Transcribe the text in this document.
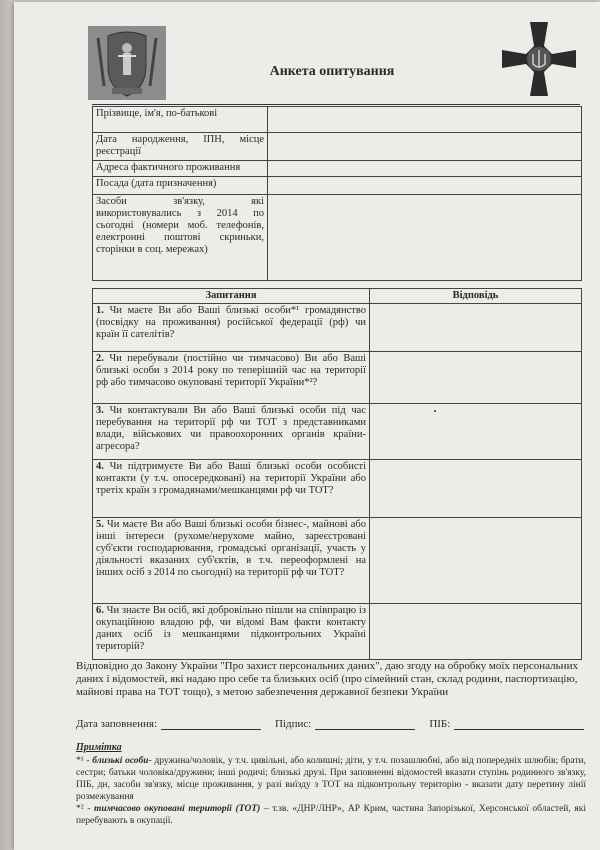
Анкета опитування
Прізвище, ім'я, по-батькові	
Дата народження, ІПН, місце реєстрації	
Адреса фактичного проживання	
Посада (дата призначення)	
Засоби зв'язку, які використовувались з 2014 по сьогодні (номери моб. телефонів, електронні поштові скриньки, сторінки в соц. мережах)	
Запитання	Відповідь
1. Чи маєте Ви або Ваші близькі особи*¹ громадянство (посвідку на проживання) російської федерації (рф) чи країн її сателітів?	
2. Чи перебували (постійно чи тимчасово) Ви або Ваші близькі особи з 2014 року по теперішній час на території рф або тимчасово окуповані території України*²?	
3. Чи контактували Ви або Ваші близькі особи під час перебування на території рф чи ТОТ з представниками влади, військових чи правоохоронних органів країни-агресора?	
4. Чи підтримуєте Ви або Ваші близькі особи особисті контакти (у т.ч. опосередковані) на території України або третіх країн з громадянами/мешканцями рф чи ТОТ?	
5. Чи маєте Ви або Ваші близькі особи бізнес-, майнові або інші інтереси (рухоме/нерухоме майно, зареєстровані суб'єкти господарювання, громадські організації, участь у діяльності вказаних суб'єктів, в т.ч. переоформлені на інших осіб з 2014 по сьогодні) на території рф чи ТОТ?	
6. Чи знаєте Ви осіб, які добровільно пішли на співпрацю із окупаційною владою рф, чи відомі Вам факти контакту даних осіб із мешканцями підконтрольних Україні територій?	
Відповідно до Закону України "Про захист персональних даних", даю згоду на обробку моїх персональних даних і відомостей, які надаю про себе та близьких осіб (про сімейний стан, склад родини, паспортизацію, майнові права на ТОТ тощо), з метою забезпечення державної безпеки України
Дата заповнення:	Підпис:	ПІБ:
Примітка
*¹ - близькі особи- дружина/чоловік, у т.ч. цивільні, або колишні; діти, у т.ч. позашлюбні, або від попередніх шлюбів; брати, сестри; батьки чоловіка/дружини; інші родичі; близькі друзі. При заповненні відомостей вказати ступінь родинного зв'язку, ПІБ, дн, засоби зв'язку, місце проживання, у разі виїзду з ТОТ на підконтрольну територію - вказати дату перетину лінії розмежування
*² - тимчасово окуповані території (ТОТ) – т.зв. «ДНР/ЛНР», АР Крим, частина Запорізької, Херсонської областей, які перебувають в окупації.
